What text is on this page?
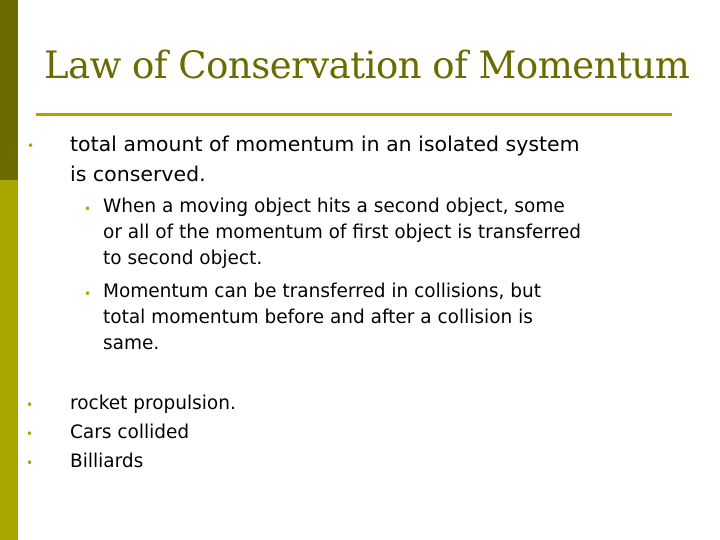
Law of Conservation of Momentum
• total amount of momentum in an isolated system
is conserved.
• When a moving object hits a second object, some
or all of the momentum of first object is transferred
to second object.
• Momentum can be transferred in collisions, but
total momentum before and after a collision is
same.
• rocket propulsion.
• Cars collided
• Billiards
